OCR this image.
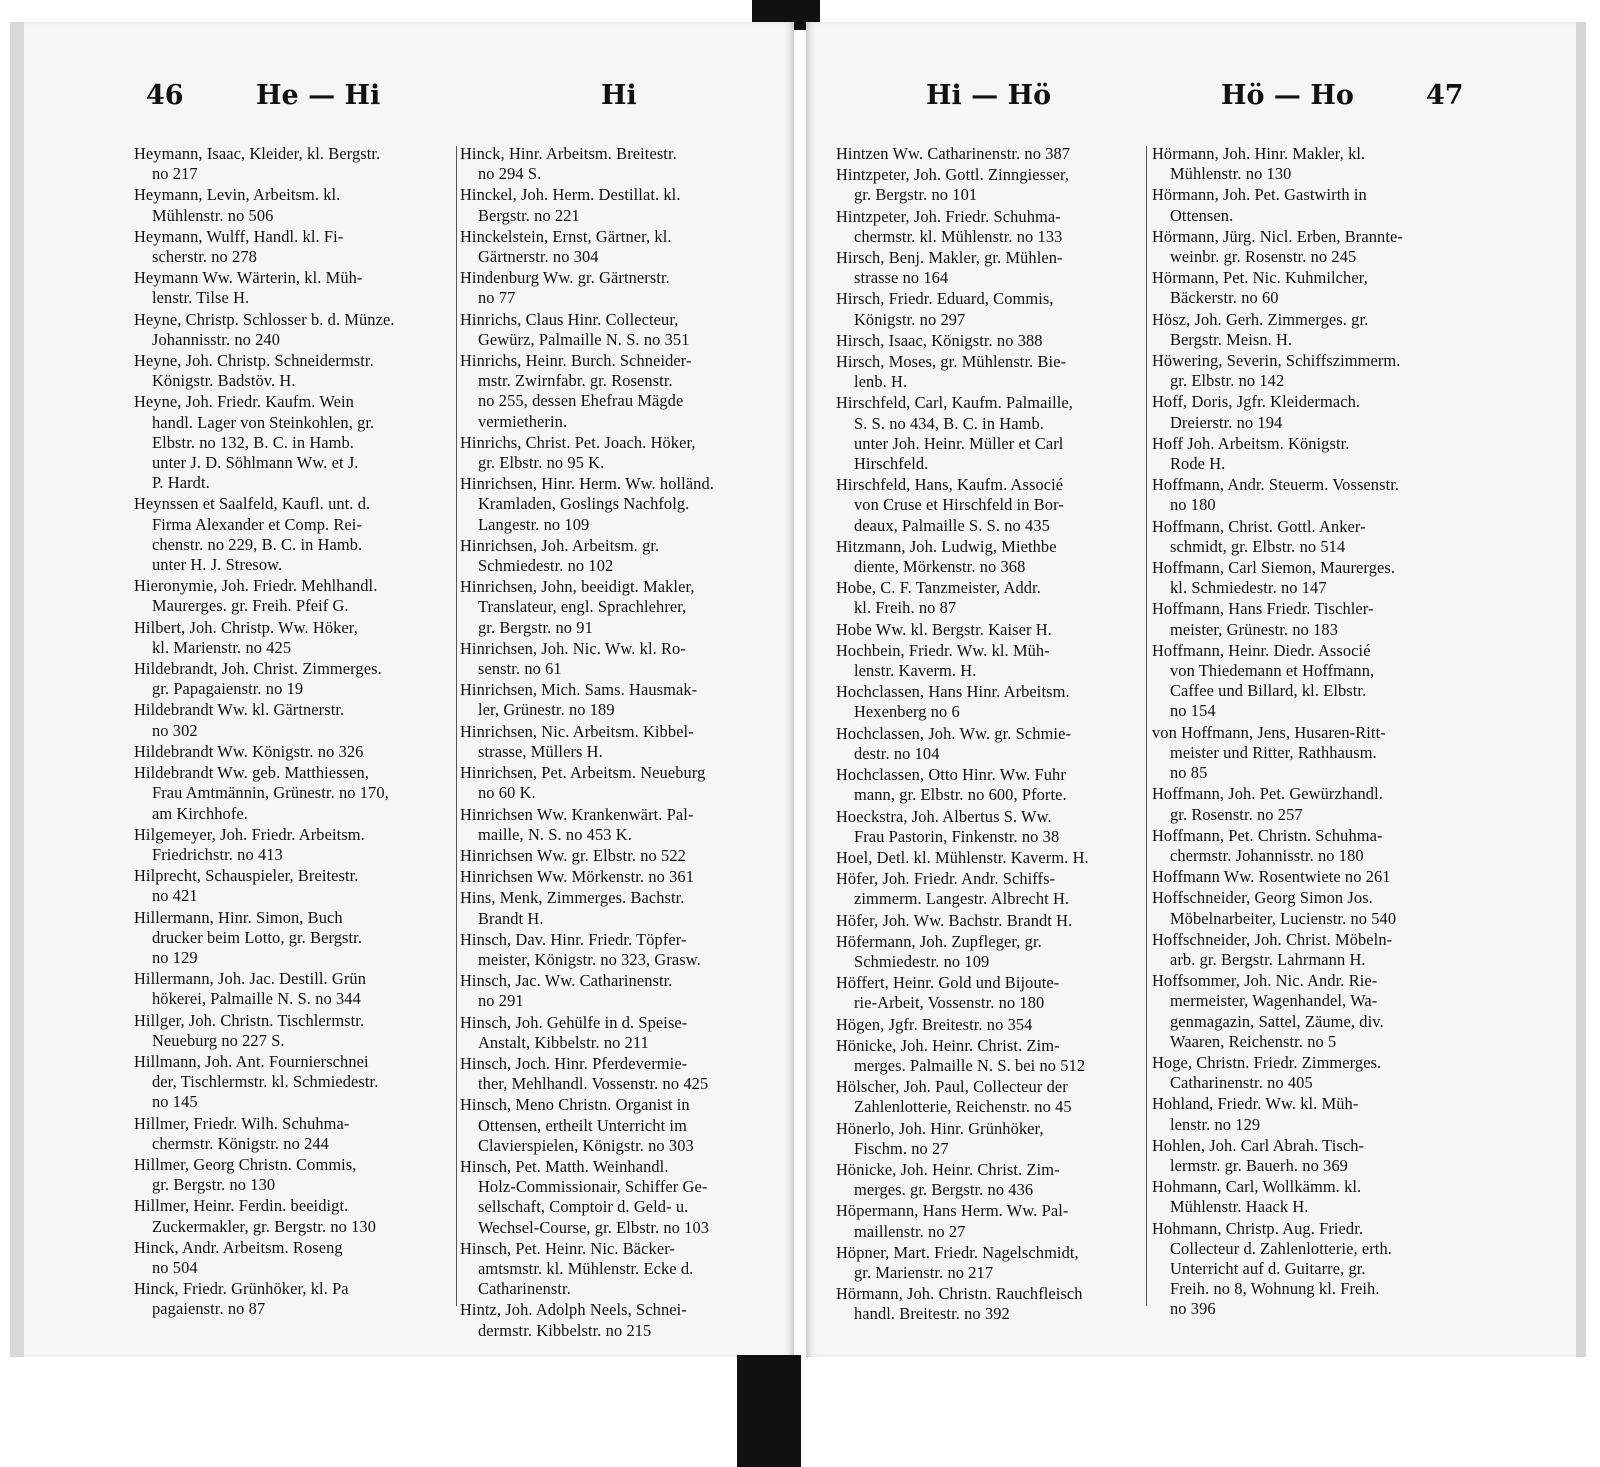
46	He — Hi	Hi
Heymann, Isaac, Kleider, kl. Bergstr.
no 217
Heymann, Levin, Arbeitsm. kl.
Mühlenstr. no 506
Heymann, Wulff, Handl. kl. Fi-
scherstr. no 278
Heymann Ww. Wärterin, kl. Müh-
lenstr. Tilse H.
Heyne, Christp. Schlosser b. d. Münze.
Johannisstr. no 240
Heyne, Joh. Christp. Schneidermstr.
Königstr. Badstöv. H.
Heyne, Joh. Friedr. Kaufm. Wein
handl. Lager von Steinkohlen, gr.
Elbstr. no 132, B. C. in Hamb.
unter J. D. Söhlmann Ww. et J.
P. Hardt.
Heynssen et Saalfeld, Kaufl. unt. d.
Firma Alexander et Comp. Rei-
chenstr. no 229, B. C. in Hamb.
unter H. J. Stresow.
Hieronymie, Joh. Friedr. Mehlhandl.
Maurerges. gr. Freih. Pfeif G.
Hilbert, Joh. Christp. Ww. Höker,
kl. Marienstr. no 425
Hildebrandt, Joh. Christ. Zimmerges.
gr. Papagaienstr. no 19
Hildebrandt Ww. kl. Gärtnerstr.
no 302
Hildebrandt Ww. Königstr. no 326
Hildebrandt Ww. geb. Matthiessen,
Frau Amtmännin, Grünestr. no 170,
am Kirchhofe.
Hilgemeyer, Joh. Friedr. Arbeitsm.
Friedrichstr. no 413
Hilprecht, Schauspieler, Breitestr.
no 421
Hillermann, Hinr. Simon, Buch
drucker beim Lotto, gr. Bergstr.
no 129
Hillermann, Joh. Jac. Destill. Grün
hökerei, Palmaille N. S. no 344
Hillger, Joh. Christn. Tischlermstr.
Neueburg no 227 S.
Hillmann, Joh. Ant. Fournierschnei
der, Tischlermstr. kl. Schmiedestr.
no 145
Hillmer, Friedr. Wilh. Schuhma-
chermstr. Königstr. no 244
Hillmer, Georg Christn. Commis,
gr. Bergstr. no 130
Hillmer, Heinr. Ferdin. beeidigt.
Zuckermakler, gr. Bergstr. no 130
Hinck, Andr. Arbeitsm. Roseng
no 504
Hinck, Friedr. Grünhöker, kl. Pa
pagaienstr. no 87
Hinck, Hinr. Arbeitsm. Breitestr.
no 294 S.
Hinckel, Joh. Herm. Destillat. kl.
Bergstr. no 221
Hinckelstein, Ernst, Gärtner, kl.
Gärtnerstr. no 304
Hindenburg Ww. gr. Gärtnerstr.
no 77
Hinrichs, Claus Hinr. Collecteur,
Gewürz, Palmaille N. S. no 351
Hinrichs, Heinr. Burch. Schneider-
mstr. Zwirnfabr. gr. Rosenstr.
no 255, dessen Ehefrau Mägde
vermietherin.
Hinrichs, Christ. Pet. Joach. Höker,
gr. Elbstr. no 95 K.
Hinrichsen, Hinr. Herm. Ww. holländ.
Kramladen, Goslings Nachfolg.
Langestr. no 109
Hinrichsen, Joh. Arbeitsm. gr.
Schmiedestr. no 102
Hinrichsen, John, beeidigt. Makler,
Translateur, engl. Sprachlehrer,
gr. Bergstr. no 91
Hinrichsen, Joh. Nic. Ww. kl. Ro-
senstr. no 61
Hinrichsen, Mich. Sams. Hausmak-
ler, Grünestr. no 189
Hinrichsen, Nic. Arbeitsm. Kibbel-
strasse, Müllers H.
Hinrichsen, Pet. Arbeitsm. Neueburg
no 60 K.
Hinrichsen Ww. Krankenwärt. Pal-
maille, N. S. no 453 K.
Hinrichsen Ww. gr. Elbstr. no 522
Hinrichsen Ww. Mörkenstr. no 361
Hins, Menk, Zimmerges. Bachstr.
Brandt H.
Hinsch, Dav. Hinr. Friedr. Töpfer-
meister, Königstr. no 323, Grasw.
Hinsch, Jac. Ww. Catharinenstr.
no 291
Hinsch, Joh. Gehülfe in d. Speise-
Anstalt, Kibbelstr. no 211
Hinsch, Joch. Hinr. Pferdevermie-
ther, Mehlhandl. Vossenstr. no 425
Hinsch, Meno Christn. Organist in
Ottensen, ertheilt Unterricht im
Clavierspielen, Königstr. no 303
Hinsch, Pet. Matth. Weinhandl.
Holz-Commissionair, Schiffer Ge-
sellschaft, Comptoir d. Geld- u.
Wechsel-Course, gr. Elbstr. no 103
Hinsch, Pet. Heinr. Nic. Bäcker-
amtsmstr. kl. Mühlenstr. Ecke d.
Catharinenstr.
Hintz, Joh. Adolph Neels, Schnei-
dermstr. Kibbelstr. no 215
Hi — Hö	Hö — Ho	47
Hintzen Ww. Catharinenstr. no 387
Hintzpeter, Joh. Gottl. Zinngiesser,
gr. Bergstr. no 101
Hintzpeter, Joh. Friedr. Schuhma-
chermstr. kl. Mühlenstr. no 133
Hirsch, Benj. Makler, gr. Mühlen-
strasse no 164
Hirsch, Friedr. Eduard, Commis,
Königstr. no 297
Hirsch, Isaac, Königstr. no 388
Hirsch, Moses, gr. Mühlenstr. Bie-
lenb. H.
Hirschfeld, Carl, Kaufm. Palmaille,
S. S. no 434, B. C. in Hamb.
unter Joh. Heinr. Müller et Carl
Hirschfeld.
Hirschfeld, Hans, Kaufm. Associé
von Cruse et Hirschfeld in Bor-
deaux, Palmaille S. S. no 435
Hitzmann, Joh. Ludwig, Miethbe
diente, Mörkenstr. no 368
Hobe, C. F. Tanzmeister, Addr.
kl. Freih. no 87
Hobe Ww. kl. Bergstr. Kaiser H.
Hochbein, Friedr. Ww. kl. Müh-
lenstr. Kaverm. H.
Hochclassen, Hans Hinr. Arbeitsm.
Hexenberg no 6
Hochclassen, Joh. Ww. gr. Schmie-
destr. no 104
Hochclassen, Otto Hinr. Ww. Fuhr
mann, gr. Elbstr. no 600, Pforte.
Hoeckstra, Joh. Albertus S. Ww.
Frau Pastorin, Finkenstr. no 38
Hoel, Detl. kl. Mühlenstr. Kaverm. H.
Höfer, Joh. Friedr. Andr. Schiffs-
zimmerm. Langestr. Albrecht H.
Höfer, Joh. Ww. Bachstr. Brandt H.
Höfermann, Joh. Zupfleger, gr.
Schmiedestr. no 109
Höffert, Heinr. Gold und Bijoute-
rie-Arbeit, Vossenstr. no 180
Högen, Jgfr. Breitestr. no 354
Hönicke, Joh. Heinr. Christ. Zim-
merges. Palmaille N. S. bei no 512
Hölscher, Joh. Paul, Collecteur der
Zahlenlotterie, Reichenstr. no 45
Hönerlo, Joh. Hinr. Grünhöker,
Fischm. no 27
Hönicke, Joh. Heinr. Christ. Zim-
merges. gr. Bergstr. no 436
Höpermann, Hans Herm. Ww. Pal-
maillenstr. no 27
Höpner, Mart. Friedr. Nagelschmidt,
gr. Marienstr. no 217
Hörmann, Joh. Christn. Rauchfleisch
handl. Breitestr. no 392
Hörmann, Joh. Hinr. Makler, kl.
Mühlenstr. no 130
Hörmann, Joh. Pet. Gastwirth in
Ottensen.
Hörmann, Jürg. Nicl. Erben, Brannte-
weinbr. gr. Rosenstr. no 245
Hörmann, Pet. Nic. Kuhmilcher,
Bäckerstr. no 60
Hösz, Joh. Gerh. Zimmerges. gr.
Bergstr. Meisn. H.
Höwering, Severin, Schiffszimmerm.
gr. Elbstr. no 142
Hoff, Doris, Jgfr. Kleidermach.
Dreierstr. no 194
Hoff Joh. Arbeitsm. Königstr.
Rode H.
Hoffmann, Andr. Steuerm. Vossenstr.
no 180
Hoffmann, Christ. Gottl. Anker-
schmidt, gr. Elbstr. no 514
Hoffmann, Carl Siemon, Maurerges.
kl. Schmiedestr. no 147
Hoffmann, Hans Friedr. Tischler-
meister, Grünestr. no 183
Hoffmann, Heinr. Diedr. Associé
von Thiedemann et Hoffmann,
Caffee und Billard, kl. Elbstr.
no 154
von Hoffmann, Jens, Husaren-Ritt-
meister und Ritter, Rathhausm.
no 85
Hoffmann, Joh. Pet. Gewürzhandl.
gr. Rosenstr. no 257
Hoffmann, Pet. Christn. Schuhma-
chermstr. Johannisstr. no 180
Hoffmann Ww. Rosentwiete no 261
Hoffschneider, Georg Simon Jos.
Möbelnarbeiter, Lucienstr. no 540
Hoffschneider, Joh. Christ. Möbeln-
arb. gr. Bergstr. Lahrmann H.
Hoffsommer, Joh. Nic. Andr. Rie-
mermeister, Wagenhandel, Wa-
genmagazin, Sattel, Zäume, div.
Waaren, Reichenstr. no 5
Hoge, Christn. Friedr. Zimmerges.
Catharinenstr. no 405
Hohland, Friedr. Ww. kl. Müh-
lenstr. no 129
Hohlen, Joh. Carl Abrah. Tisch-
lermstr. gr. Bauerh. no 369
Hohmann, Carl, Wollkämm. kl.
Mühlenstr. Haack H.
Hohmann, Christp. Aug. Friedr.
Collecteur d. Zahlenlotterie, erth.
Unterricht auf d. Guitarre, gr.
Freih. no 8, Wohnung kl. Freih.
no 396
